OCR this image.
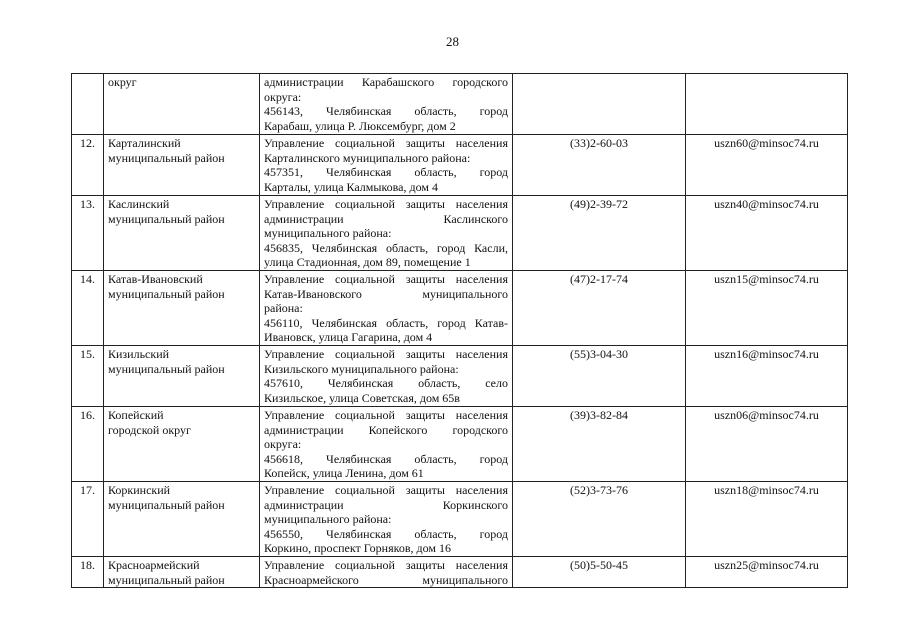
28

	округ	администрации Карабашского городского
округа:
456143, Челябинская область, город
Карабаш, улица Р. Люксембург, дом 2		

12.	Карталинский
муниципальный район	Управление социальной защиты населения
Карталинского муниципального района:
457351, Челябинская область, город
Карталы, улица Калмыкова, дом 4	(33)2-60-03	uszn60@minsoc74.ru
13.	Каслинский
муниципальный район	Управление социальной защиты населения
администрации Каслинского
муниципального района:
456835, Челябинская область, город Касли,
улица Стадионная, дом 89, помещение 1	(49)2-39-72	uszn40@minsoc74.ru
14.	Катав-Ивановский
муниципальный район	Управление социальной защиты населения
Катав-Ивановского муниципального
района:
456110, Челябинская область, город Катав-
Ивановск, улица Гагарина, дом 4	(47)2-17-74	uszn15@minsoc74.ru
15.	Кизильский
муниципальный район	Управление социальной защиты населения
Кизильского муниципального района:
457610, Челябинская область, село
Кизильское, улица Советская, дом 65в	(55)3-04-30	uszn16@minsoc74.ru
16.	Копейский
городской округ	Управление социальной защиты населения
администрации Копейского городского
округа:
456618, Челябинская область, город
Копейск, улица Ленина, дом 61	(39)3-82-84	uszn06@minsoc74.ru
17.	Коркинский
муниципальный район	Управление социальной защиты населения
администрации Коркинского
муниципального района:
456550, Челябинская область, город
Коркино, проспект Горняков, дом 16	(52)3-73-76	uszn18@minsoc74.ru
18.	Красноармейский
муниципальный район	Управление социальной защиты населения
Красноармейского муниципального	(50)5-50-45	uszn25@minsoc74.ru
